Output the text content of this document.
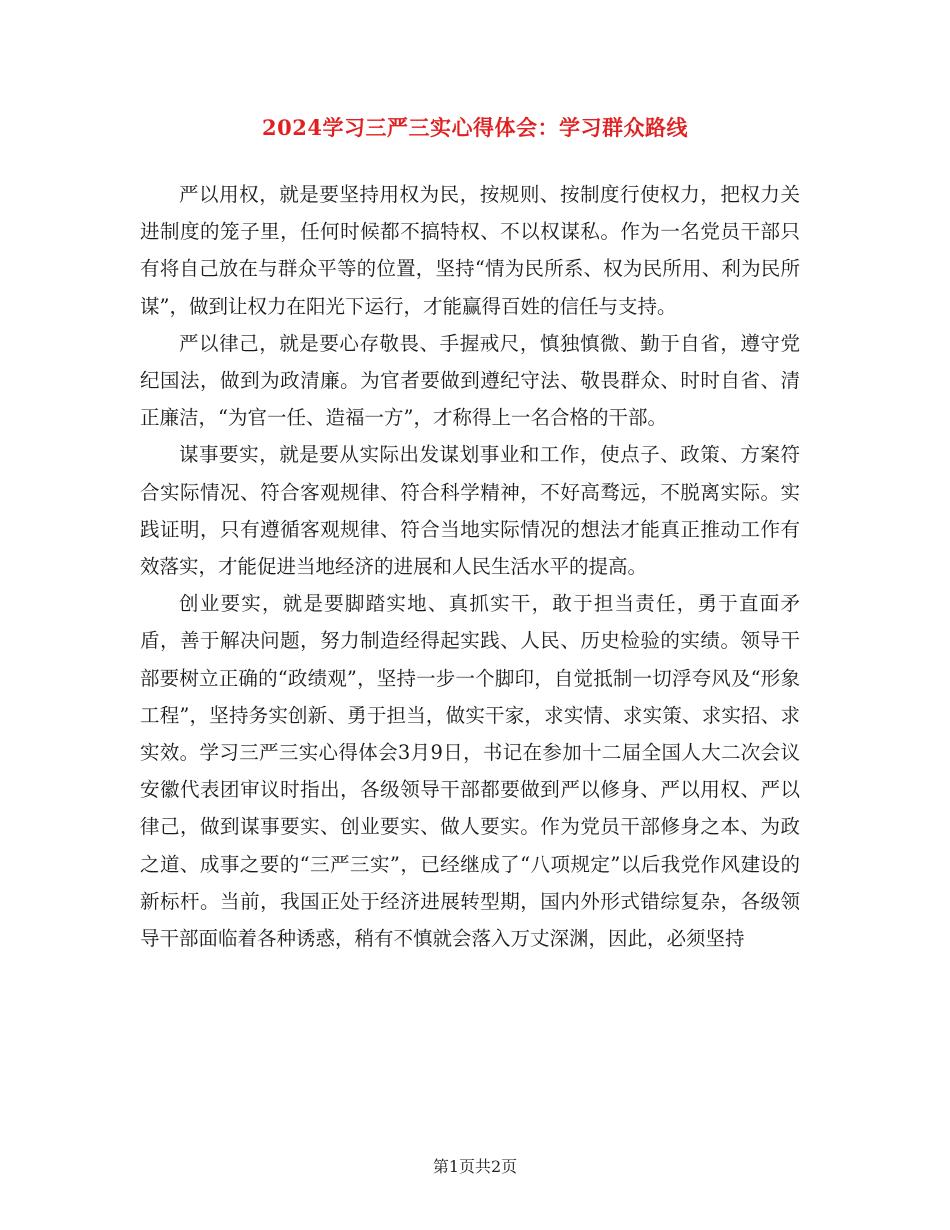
2024学习三严三实心得体会：学习群众路线

严以用权，就是要坚持用权为民，按规则、按制度行使权力，把权力关进制度的笼子里，任何时候都不搞特权、不以权谋私。作为一名党员干部只有将自己放在与群众平等的位置，坚持“情为民所系、权为民所用、利为民所谋”，做到让权力在阳光下运行，才能赢得百姓的信任与支持。

严以律己，就是要心存敬畏、手握戒尺，慎独慎微、勤于自省，遵守党纪国法，做到为政清廉。为官者要做到遵纪守法、敬畏群众、时时自省、清正廉洁，“为官一任、造福一方”，才称得上一名合格的干部。

谋事要实，就是要从实际出发谋划事业和工作，使点子、政策、方案符合实际情况、符合客观规律、符合科学精神，不好高骛远，不脱离实际。实践证明，只有遵循客观规律、符合当地实际情况的想法才能真正推动工作有效落实，才能促进当地经济的进展和人民生活水平的提高。

创业要实，就是要脚踏实地、真抓实干，敢于担当责任，勇于直面矛盾，善于解决问题，努力制造经得起实践、人民、历史检验的实绩。领导干部要树立正确的“政绩观”，坚持一步一个脚印，自觉抵制一切浮夸风及“形象工程”，坚持务实创新、勇于担当，做实干家，求实情、求实策、求实招、求实效。学习三严三实心得体会3月9日，书记在参加十二届全国人大二次会议安徽代表团审议时指出，各级领导干部都要做到严以修身、严以用权、严以律己，做到谋事要实、创业要实、做人要实。作为党员干部修身之本、为政之道、成事之要的“三严三实”，已经继成了“八项规定”以后我党作风建设的新标杆。当前，我国正处于经济进展转型期，国内外形式错综复杂，各级领导干部面临着各种诱惑，稍有不慎就会落入万丈深渊，因此，必须坚持

第1页共2页
